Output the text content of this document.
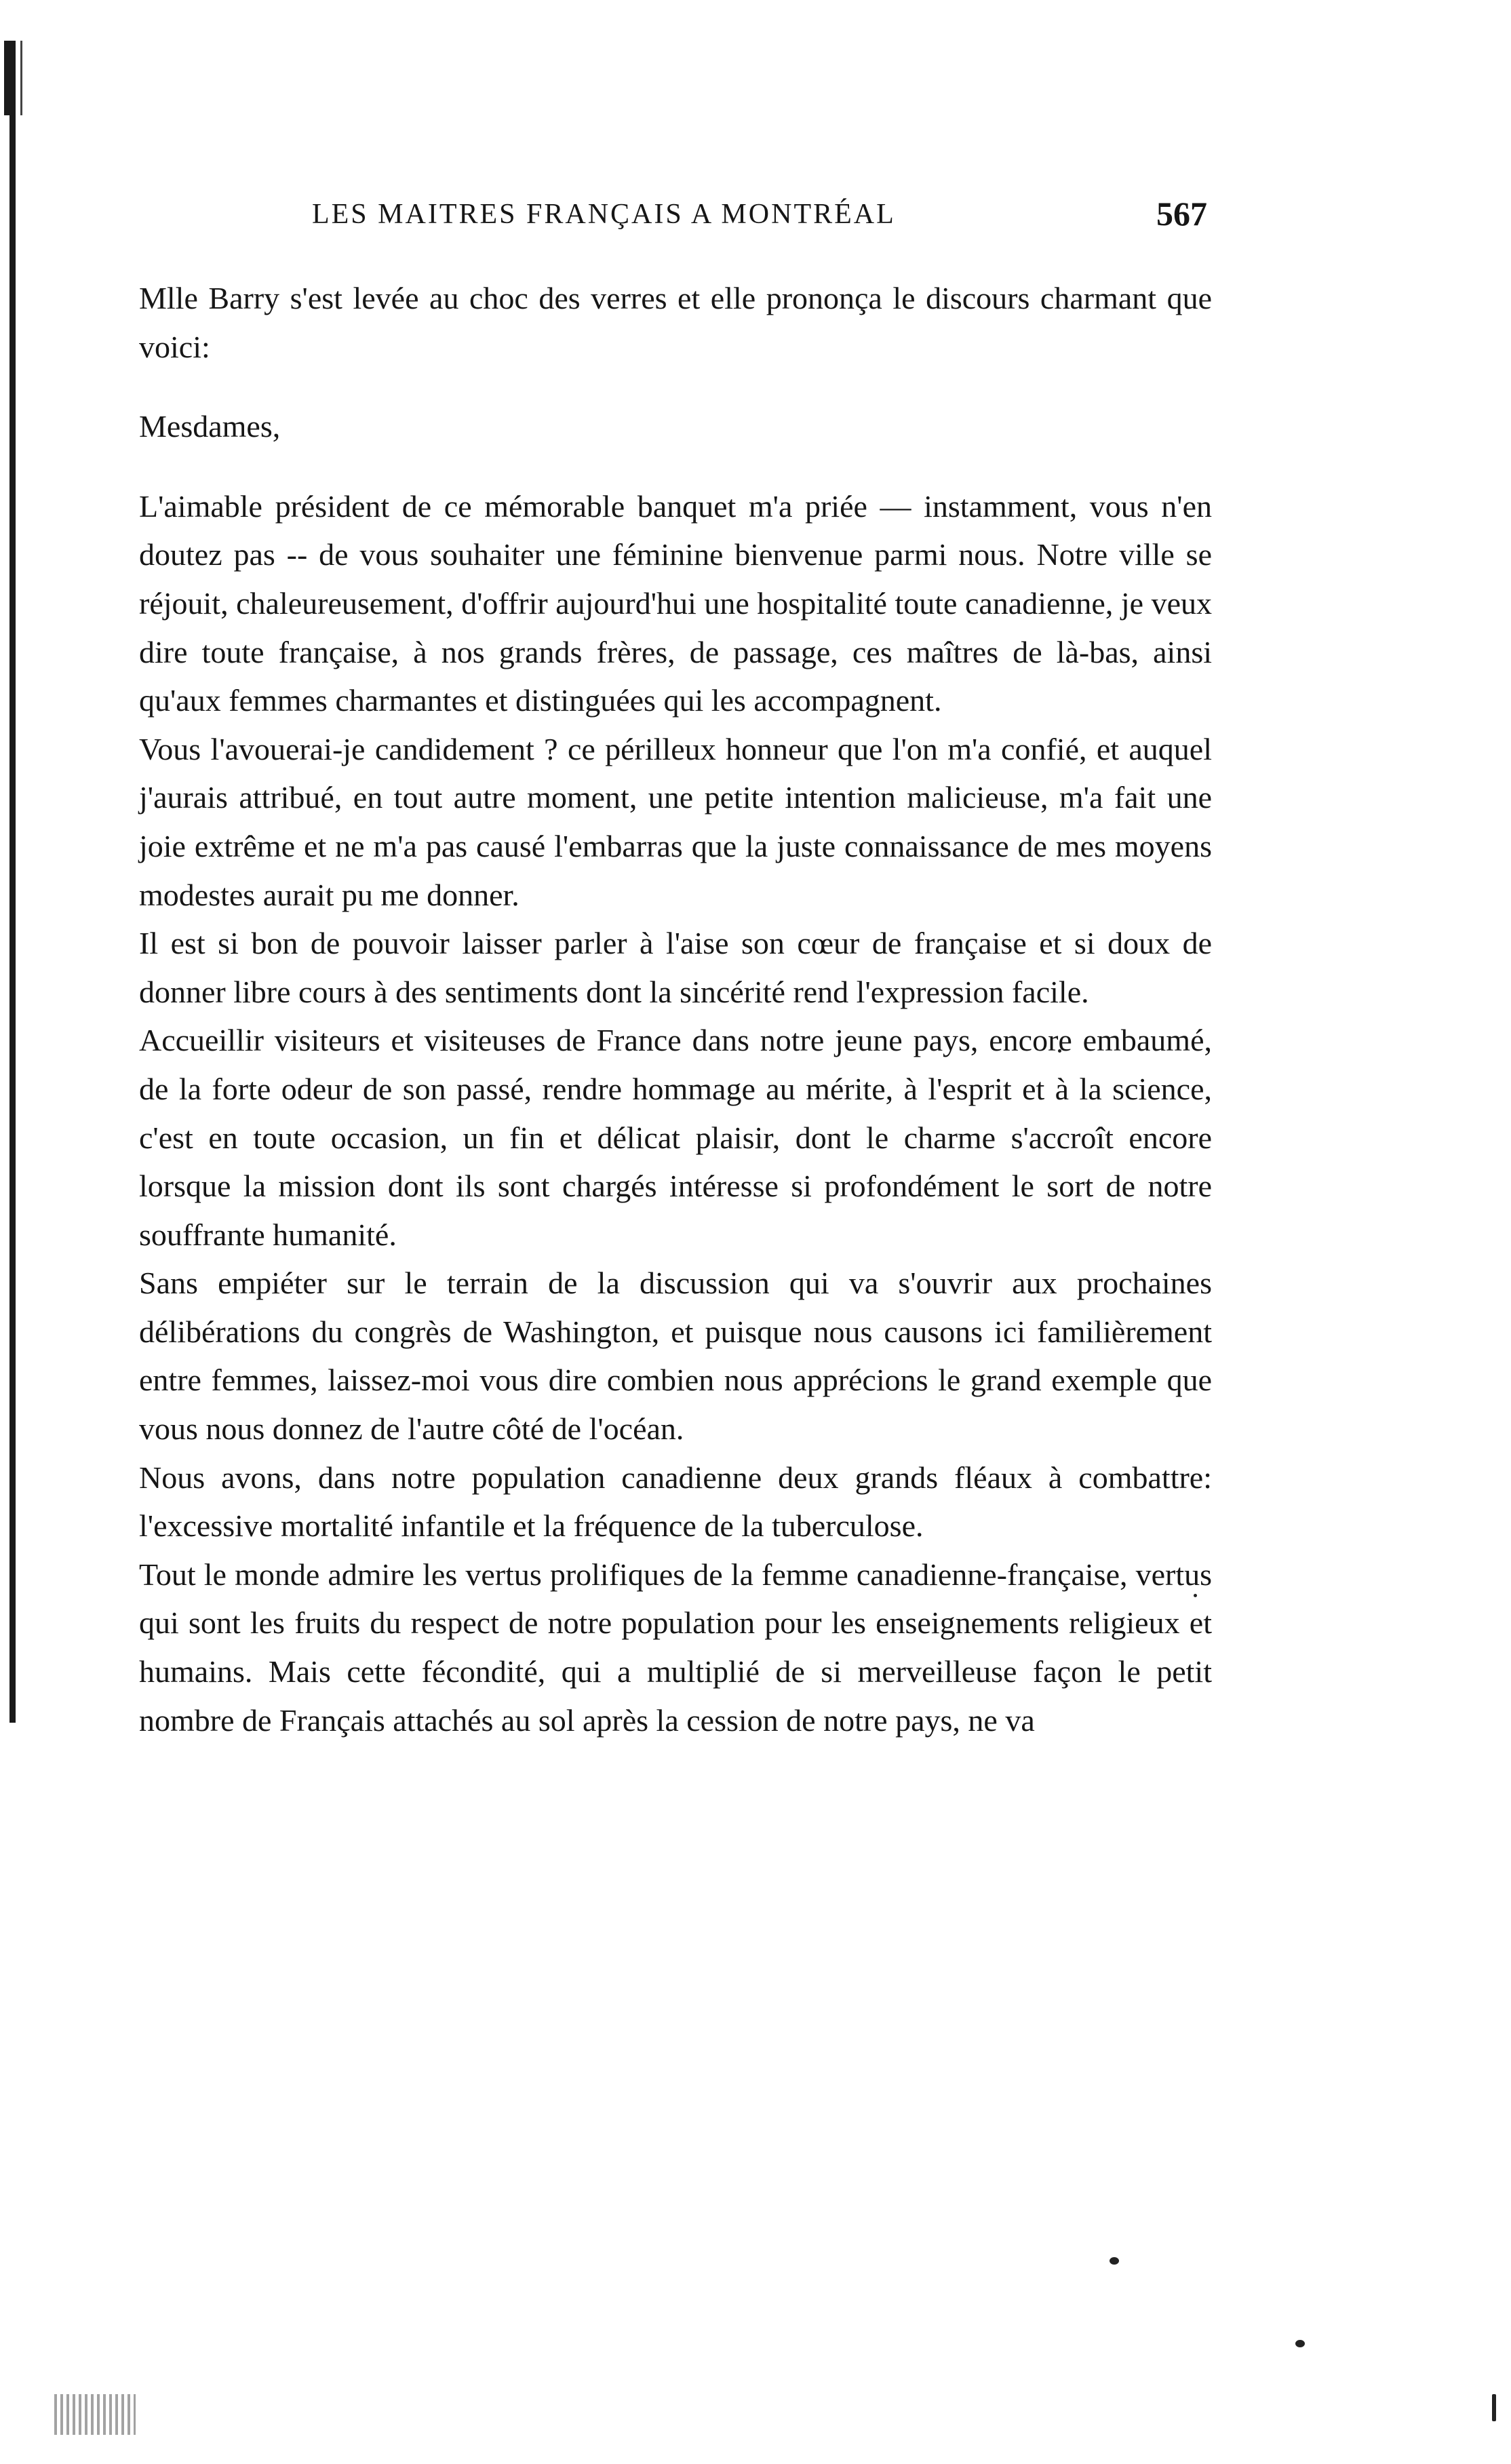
LES MAITRES FRANÇAIS A MONTRÉAL	567

Mlle Barry s'est levée au choc des verres et elle prononça le discours charmant que voici:

Mesdames,

L'aimable président de ce mémorable banquet m'a priée — instamment, vous n'en doutez pas -- de vous souhaiter une féminine bienvenue parmi nous. Notre ville se réjouit, chaleureusement, d'offrir aujourd'hui une hospitalité toute canadienne, je veux dire toute française, à nos grands frères, de passage, ces maîtres de là-bas, ainsi qu'aux femmes charmantes et distinguées qui les accompagnent.

Vous l'avouerai-je candidement ? ce périlleux honneur que l'on m'a confié, et auquel j'aurais attribué, en tout autre moment, une petite intention malicieuse, m'a fait une joie extrême et ne m'a pas causé l'embarras que la juste connaissance de mes moyens modestes aurait pu me donner.

Il est si bon de pouvoir laisser parler à l'aise son cœur de française et si doux de donner libre cours à des sentiments dont la sincérité rend l'expression facile.

Accueillir visiteurs et visiteuses de France dans notre jeune pays, encore embaumé, de la forte odeur de son passé, rendre hommage au mérite, à l'esprit et à la science, c'est en toute occasion, un fin et délicat plaisir, dont le charme s'accroît encore lorsque la mission dont ils sont chargés intéresse si profondément le sort de notre souffrante humanité.

Sans empiéter sur le terrain de la discussion qui va s'ouvrir aux prochaines délibérations du congrès de Washington, et puisque nous causons ici familièrement entre femmes, laissez-moi vous dire combien nous apprécions le grand exemple que vous nous donnez de l'autre côté de l'océan.

Nous avons, dans notre population canadienne deux grands fléaux à combattre: l'excessive mortalité infantile et la fréquence de la tuberculose.

Tout le monde admire les vertus prolifiques de la femme canadienne-française, vertus qui sont les fruits du respect de notre population pour les enseignements religieux et humains. Mais cette fécondité, qui a multiplié de si merveilleuse façon le petit nombre de Français attachés au sol après la cession de notre pays, ne va
